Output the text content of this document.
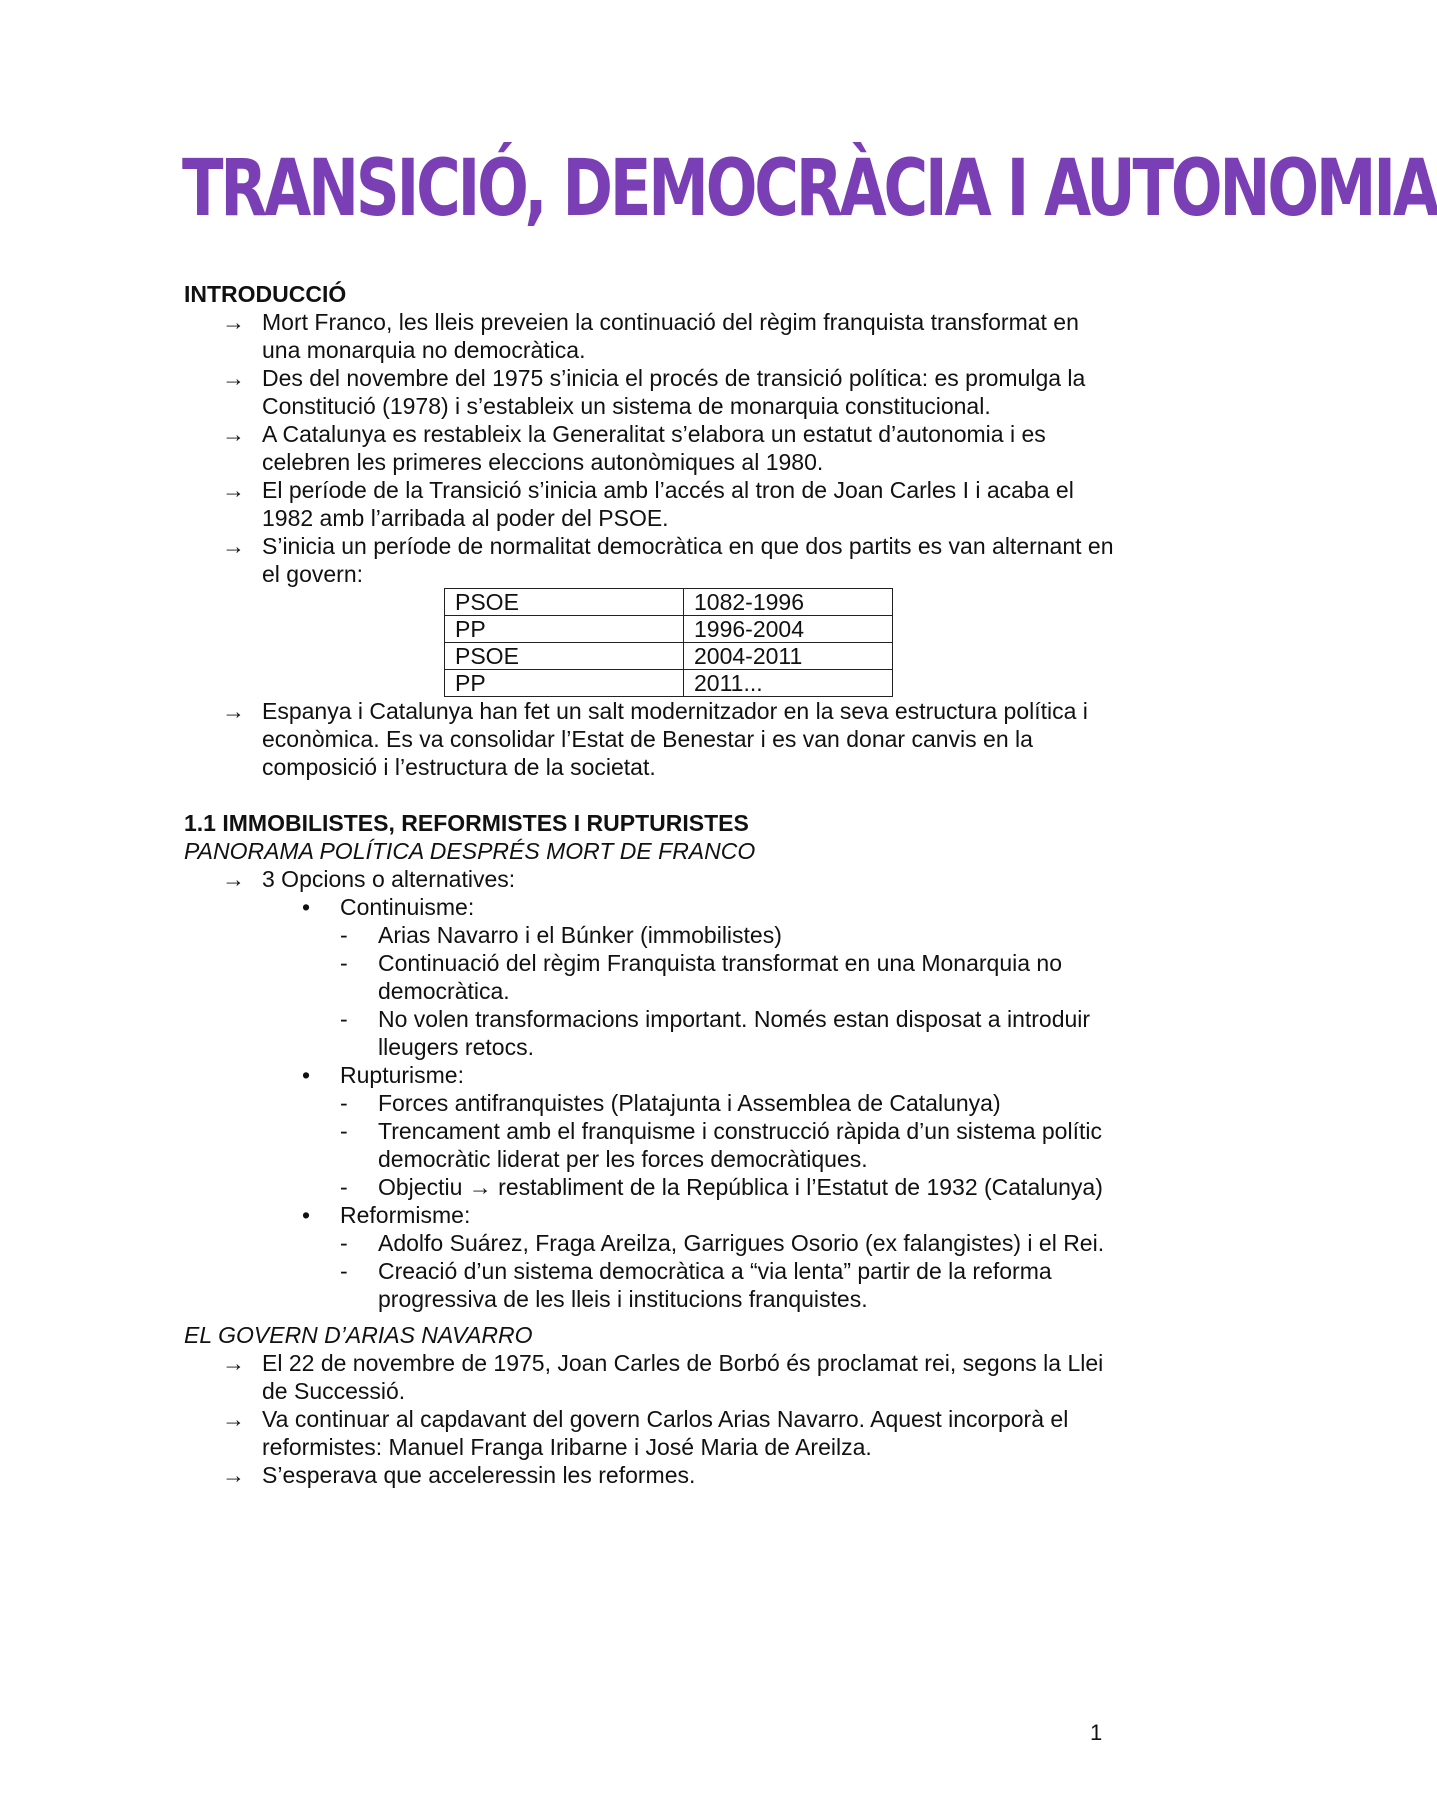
TRANSICIÓ, DEMOCRÀCIA I AUTONOMIA
INTRODUCCIÓ
→ Mort Franco, les lleis preveien la continuació del règim franquista transformat en una monarquia no democràtica.
→ Des del novembre del 1975 s’inicia el procés de transició política: es promulga la Constitució (1978) i s’estableix un sistema de monarquia constitucional.
→ A Catalunya es restableix la Generalitat s’elabora un estatut d’autonomia i es celebren les primeres eleccions autonòmiques al 1980.
→ El període de la Transició s’inicia amb l’accés al tron de Joan Carles I i acaba el 1982 amb l’arribada al poder del PSOE.
→ S’inicia un període de normalitat democràtica en que dos partits es van alternant en el govern:
PSOE	1082-1996
PP	1996-2004
PSOE	2004-2011
PP	2011...
→ Espanya i Catalunya han fet un salt modernitzador en la seva estructura política i econòmica. Es va consolidar l’Estat de Benestar i es van donar canvis en la composició i l’estructura de la societat.
1.1 IMMOBILISTES, REFORMISTES I RUPTURISTES

PANORAMA POLÍTICA DESPRÉS MORT DE FRANCO

→ 3 Opcions o alternatives:
• Continuisme:
- Arias Navarro i el Búnker (immobilistes)
- Continuació del règim Franquista transformat en una Monarquia no democràtica.
- No volen transformacions important. Només estan disposat a introduir lleugers retocs.
• Rupturisme:
- Forces antifranquistes (Platajunta i Assemblea de Catalunya)
- Trencament amb el franquisme i construcció ràpida d’un sistema polític democràtic liderat per les forces democràtiques.
- Objectiu → restabliment de la República i l’Estatut de 1932 (Catalunya)
• Reformisme:
- Adolfo Suárez, Fraga Areilza, Garrigues Osorio (ex falangistes) i el Rei.
- Creació d’un sistema democràtica a “via lenta” partir de la reforma progressiva de les lleis i institucions franquistes.

EL GOVERN D’ARIAS NAVARRO

→ El 22 de novembre de 1975, Joan Carles de Borbó és proclamat rei, segons la Llei de Successió.
→ Va continuar al capdavant del govern Carlos Arias Navarro. Aquest incorporà el reformistes: Manuel Franga Iribarne i José Maria de Areilza.
→ S’esperava que acceleressin les reformes.
1
